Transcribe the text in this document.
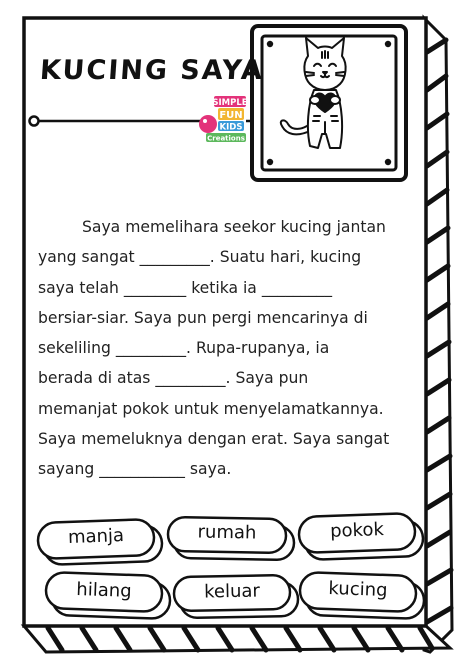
SIMPLE
FUN
KIDS
Creations
KUCING SAYA

Saya memelihara seekor kucing jantan

yang sangat _________. Suatu hari, kucing

saya telah ________ ketika ia _________

bersiar-siar. Saya pun pergi mencarinya di

sekeliling _________. Rupa-rupanya, ia

berada di atas _________. Saya pun

memanjat pokok untuk menyelamatkannya.

Saya memeluknya dengan erat. Saya sangat

sayang ___________ saya.

manja	rumah	pokok
hilang	keluar	kucing
